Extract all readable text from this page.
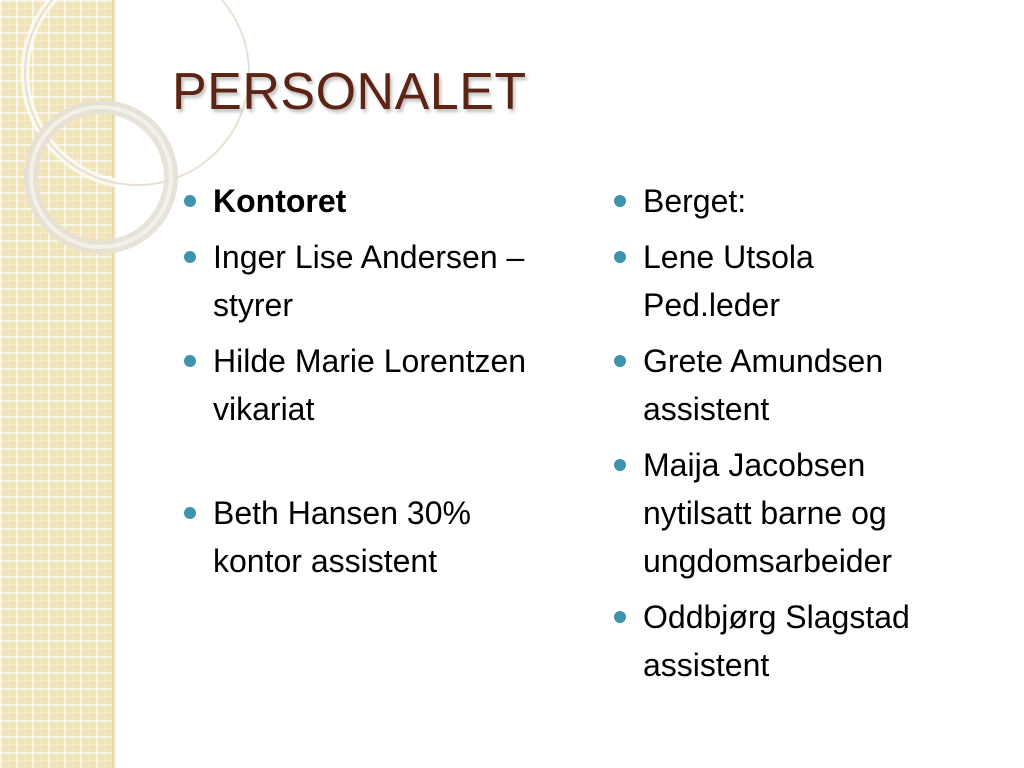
PERSONALET
Kontoret
Inger Lise Andersen – styrer
Hilde Marie Lorentzen vikariat
Beth Hansen 30% kontor assistent
Berget:
Lene Utsola Ped.leder
Grete Amundsen assistent
Maija Jacobsen nytilsatt barne og ungdomsarbeider
Oddbjørg Slagstad assistent
